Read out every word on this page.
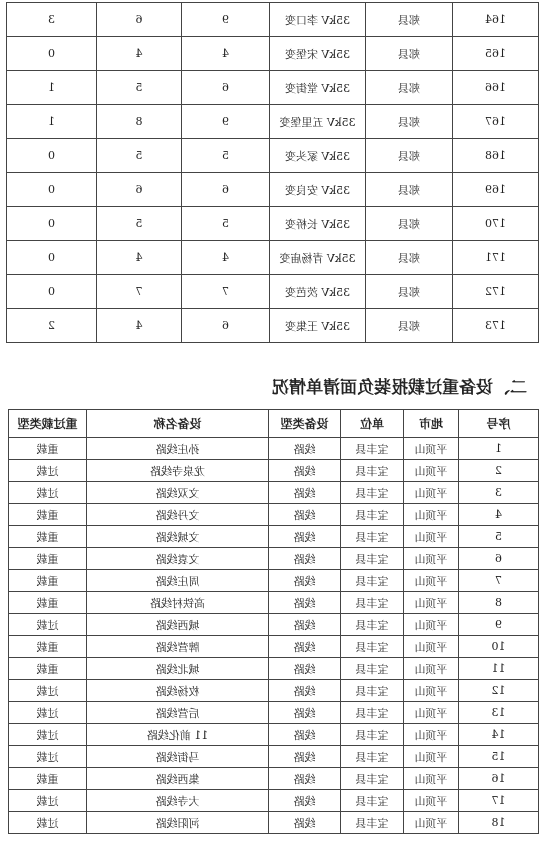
164	郏县	35kV 李口变	9	6	3
165	郏县	35kV 宋堡变	4	4	0
166	郏县	35kV 堂街变	6	5	1
167	郏县	35kV 五里堡变	9	8	1
168	郏县	35kV 冢头变	5	5	0
169	郏县	35kV 安良变	6	6	0
170	郏县	35kV 长桥变	5	5	0
171	郏县	35kV 青杨庙变	4	4	0
172	郏县	35kV 茨芭变	7	7	0
173	郏县	35kV 王集变	6	4	2
二、设备重过载报装负面清单情况
序号	地市	单位	设备类型	设备名称	重过载类型
1	平顶山	宝丰县	线路	孙庄线路	重载
2	平顶山	宝丰县	线路	龙泉寺线路	过载
3	平顶山	宝丰县	线路	文双线路	过载
4	平顶山	宝丰县	线路	文丹线路	重载
5	平顶山	宝丰县	线路	文城线路	重载
6	平顶山	宝丰县	线路	文袁线路	重载
7	平顶山	宝丰县	线路	周庄线路	重载
8	平顶山	宝丰县	线路	高铁村线路	重载
9	平顶山	宝丰县	线路	城西线路	过载
10	平顶山	宝丰县	线路	牌营线路	重载
11	平顶山	宝丰县	线路	城北线路	重载
12	平顶山	宝丰县	线路	枚扬线路	过载
13	平顶山	宝丰县	线路	后营线路	过载
14	平顶山	宝丰县	线路	11 前化线路	过载
15	平顶山	宝丰县	线路	马街线路	过载
16	平顶山	宝丰县	线路	集西线路	重载
17	平顶山	宝丰县	线路	大寺线路	过载
18	平顶山	宝丰县	线路	河阳线路	过载
